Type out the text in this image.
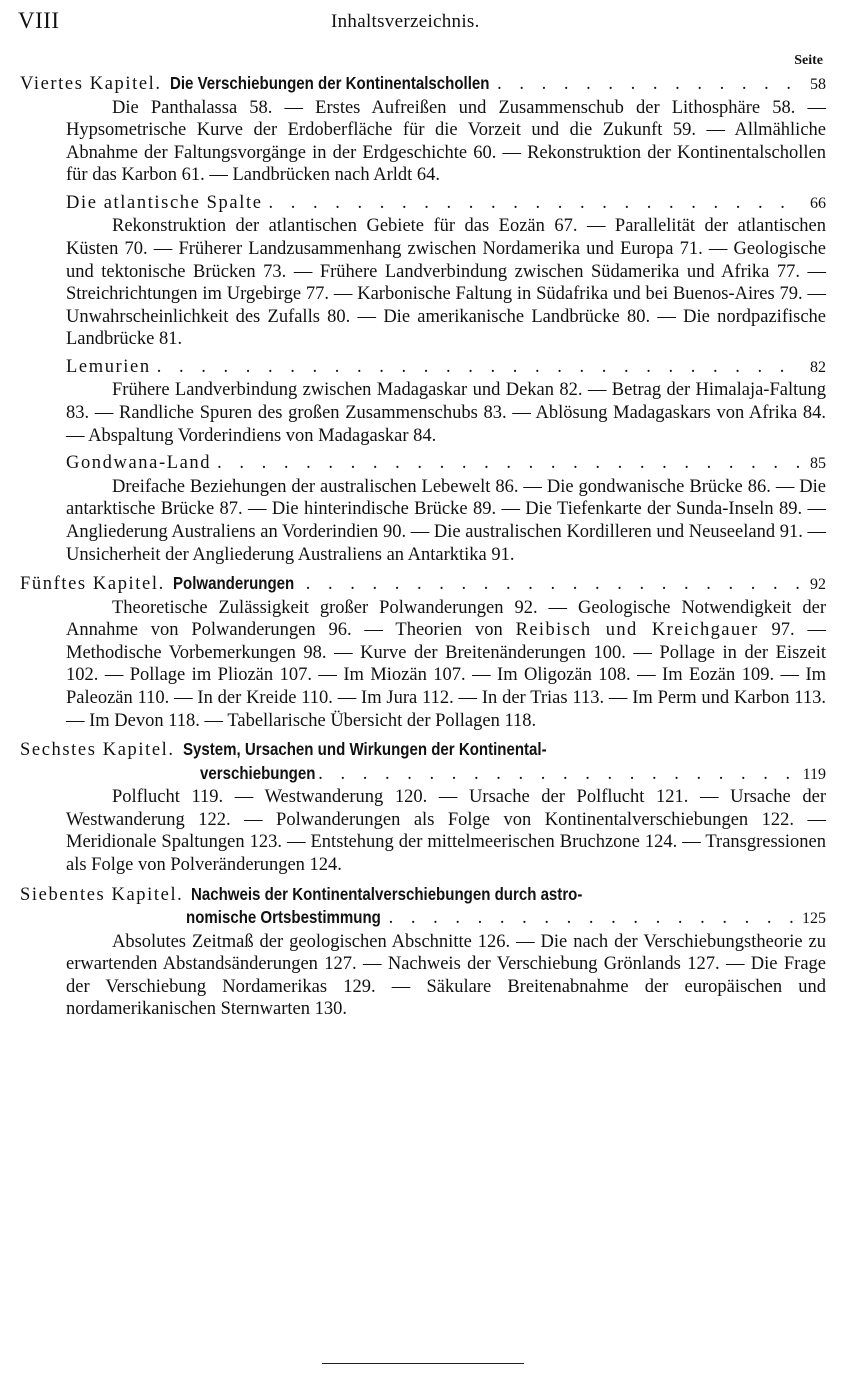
VIII	Inhaltsverzeichnis.
Seite
Viertes Kapitel. Die Verschiebungen der Kontinentalschollen . . .	58

Die Panthalassa 58. — Erstes Aufreißen und Zusammenschub der Lithosphäre 58. — Hypsometrische Kurve der Erdoberfläche für die Vorzeit und die Zukunft 59. — Allmähliche Abnahme der Faltungsvorgänge in der Erdgeschichte 60. — Rekonstruktion der Kontinentalschollen für das Karbon 61. — Landbrücken nach Arldt 64.

Die atlantische Spalte . . .	66

Rekonstruktion der atlantischen Gebiete für das Eozän 67. — Parallelität der atlantischen Küsten 70. — Früherer Landzusammenhang zwischen Nordamerika und Europa 71. — Geologische und tektonische Brücken 73. — Frühere Landverbindung zwischen Südamerika und Afrika 77. — Streichrichtungen im Urgebirge 77. — Karbonische Faltung in Südafrika und bei Buenos-Aires 79. — Unwahrscheinlichkeit des Zufalls 80. — Die amerikanische Landbrücke 80. — Die nordpazifische Landbrücke 81.

Lemurien . . .	82

Frühere Landverbindung zwischen Madagaskar und Dekan 82. — Betrag der Himalaja-Faltung 83. — Randliche Spuren des großen Zusammenschubs 83. — Ablösung Madagaskars von Afrika 84. — Abspaltung Vorderindiens von Madagaskar 84.

Gondwana-Land . . .	85

Dreifache Beziehungen der australischen Lebewelt 86. — Die gondwanische Brücke 86. — Die antarktische Brücke 87. — Die hinterindische Brücke 89. — Die Tiefenkarte der Sunda-Inseln 89. — Angliederung Australiens an Vorderindien 90. — Die australischen Kordilleren und Neuseeland 91. — Unsicherheit der Angliederung Australiens an Antarktika 91.

Fünftes Kapitel. Polwanderungen . . .	92

Theoretische Zulässigkeit großer Polwanderungen 92. — Geologische Notwendigkeit der Annahme von Polwanderungen 96. — Theorien von Reibisch und Kreichgauer 97. — Methodische Vorbemerkungen 98. — Kurve der Breitenänderungen 100. — Pollage in der Eiszeit 102. — Pollage im Pliozän 107. — Im Miozän 107. — Im Oligozän 108. — Im Eozän 109. — Im Paleozän 110. — In der Kreide 110. — Im Jura 112. — In der Trias 113. — Im Perm und Karbon 113. — Im Devon 118. — Tabellarische Übersicht der Pollagen 118.

Sechstes Kapitel. System, Ursachen und Wirkungen der Kontinental-
verschiebungen . . .	119

Polflucht 119. — Westwanderung 120. — Ursache der Polflucht 121. — Ursache der Westwanderung 122. — Polwanderungen als Folge von Kontinentalverschiebungen 122. — Meridionale Spaltungen 123. — Entstehung der mittelmeerischen Bruchzone 124. — Transgressionen als Folge von Polveränderungen 124.

Siebentes Kapitel. Nachweis der Kontinentalverschiebungen durch astro-
nomische Ortsbestimmung . . .	125

Absolutes Zeitmaß der geologischen Abschnitte 126. — Die nach der Verschiebungstheorie zu erwartenden Abstandsänderungen 127. — Nachweis der Verschiebung Grönlands 127. — Die Frage der Verschiebung Nordamerikas 129. — Säkulare Breitenabnahme der europäischen und nordamerikanischen Sternwarten 130.
